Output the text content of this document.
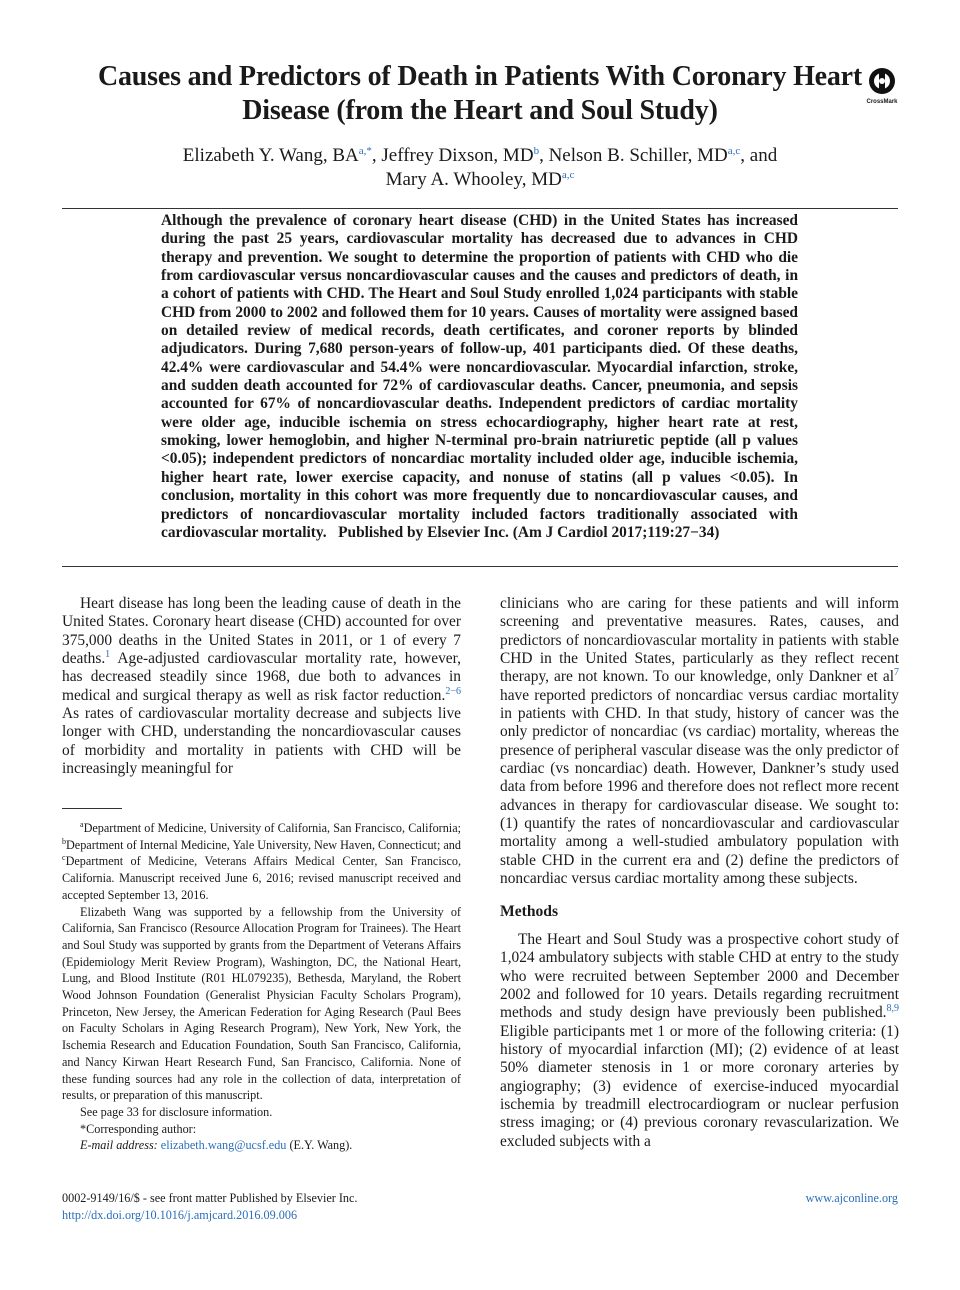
Causes and Predictors of Death in Patients With Coronary Heart Disease (from the Heart and Soul Study)	CrossMark
Elizabeth Y. Wang, $BA^{a,*}$, Jeffrey Dixson, $MD^b$, Nelson B. Schiller, MD$^{a,c}$, and
Mary A. Whooley, MD$^{a,c}$
Although the prevalence of coronary heart disease (CHD) in the United States has increased during the past 25 years, cardiovascular mortality has decreased due to advances in CHD therapy and prevention. We sought to determine the proportion of patients with CHD who die from cardiovascular versus noncardiovascular causes and the causes and predictors of death, in a cohort of patients with CHD. The Heart and Soul Study enrolled 1,024 participants with stable CHD from 2000 to 2002 and followed them for 10 years. Causes of mortality were assigned based on detailed review of medical records, death certificates, and coroner reports by blinded adjudicators. During 7,680 person-years of follow-up, 401 participants died. Of these deaths, 42.4% were cardiovascular and 54.4% were noncardiovascular. Myocardial infarction, stroke, and sudden death accounted for 72% of cardiovascular deaths. Cancer, pneumonia, and sepsis accounted for 67% of noncardiovascular deaths. Independent predictors of cardiac mortality were older age, inducible ischemia on stress echocardiography, higher heart rate at rest, smoking, lower hemoglobin, and higher N-terminal pro-brain natriuretic peptide (all p values <0.05); independent predictors of noncardiac mortality included older age, inducible ischemia, higher heart rate, lower exercise capacity, and nonuse of statins (all p values <0.05). In conclusion, mortality in this cohort was more frequently due to noncardiovascular causes, and predictors of noncardiovascular mortality included factors traditionally associated with cardiovascular mortality. Published by Elsevier Inc. (Am J Cardiol 2017;119:27−34)

Heart disease has long been the leading cause of death in the United States. Coronary heart disease (CHD) accounted for over 375,000 deaths in the United States in 2011, or 1 of every 7 deaths.$^1$ Age-adjusted cardiovascular mortality rate, however, has decreased steadily since 1968, due both to advances in medical and surgical therapy as well as risk factor reduction.$^{2-6}$ As rates of cardiovascular mortality decrease and subjects live longer with CHD, understanding the noncardiovascular causes of morbidity and mortality in patients with CHD will be increasingly meaningful for

$^a$Department of Medicine, University of California, San Francisco, California; $^b$Department of Internal Medicine, Yale University, New Haven, Connecticut; and $^c$Department of Medicine, Veterans Affairs Medical Center, San Francisco, California. Manuscript received June 6, 2016; revised manuscript received and accepted September 13, 2016.

Elizabeth Wang was supported by a fellowship from the University of California, San Francisco (Resource Allocation Program for Trainees). The Heart and Soul Study was supported by grants from the Department of Veterans Affairs (Epidemiology Merit Review Program), Washington, DC, the National Heart, Lung, and Blood Institute (R01 HL079235), Bethesda, Maryland, the Robert Wood Johnson Foundation (Generalist Physician Faculty Scholars Program), Princeton, New Jersey, the American Federation for Aging Research (Paul Bees on Faculty Scholars in Aging Research Program), New York, New York, the Ischemia Research and Education Foundation, South San Francisco, California, and Nancy Kirwan Heart Research Fund, San Francisco, California. None of these funding sources had any role in the collection of data, interpretation of results, or preparation of this manuscript.

See page 33 for disclosure information.

*Corresponding author:

E-mail address: elizabeth.wang@ucsf.edu (E.Y. Wang).

clinicians who are caring for these patients and will inform screening and preventative measures. Rates, causes, and predictors of noncardiovascular mortality in patients with stable CHD in the United States, particularly as they reflect recent therapy, are not known. To our knowledge, only Dankner et $al^7$ have reported predictors of noncardiac versus cardiac mortality in patients with CHD. In that study, history of cancer was the only predictor of noncardiac (vs cardiac) mortality, whereas the presence of peripheral vascular disease was the only predictor of cardiac (vs noncardiac) death. However, Dankner’s study used data from before 1996 and therefore does not reflect more recent advances in therapy for cardiovascular disease. We sought to: (1) quantify the rates of noncardiovascular and cardiovascular mortality among a well-studied ambulatory population with stable CHD in the current era and (2) define the predictors of noncardiac versus cardiac mortality among these subjects.

Methods

The Heart and Soul Study was a prospective cohort study of 1,024 ambulatory subjects with stable CHD at entry to the study who were recruited between September 2000 and December 2002 and followed for 10 years. Details regarding recruitment methods and study design have previously been published.$^{8,9}$ Eligible participants met 1 or more of the following criteria: (1) history of myocardial infarction (MI); (2) evidence of at least 50% diameter stenosis in 1 or more coronary arteries by angiography; (3) evidence of exercise-induced myocardial ischemia by treadmill electrocardiogram or nuclear perfusion stress imaging; or (4) previous coronary revascularization. We excluded subjects with a

0002-9149/16/$ - see front matter Published by Elsevier Inc.
http://dx.doi.org/10.1016/j.amjcard.2016.09.006
www.ajconline.org
